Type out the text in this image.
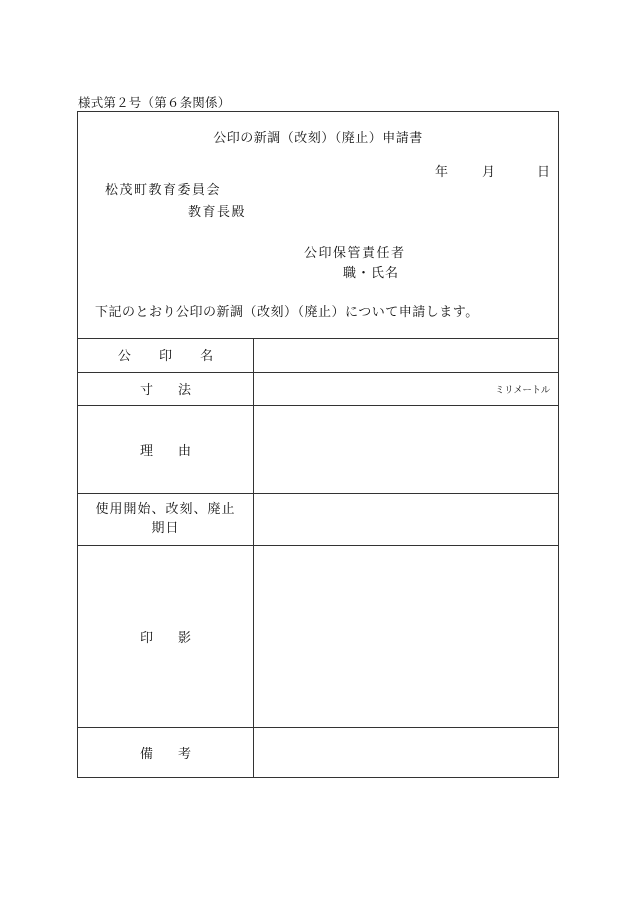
様式第２号（第６条関係）
公印の新調（改刻）（廃止）申請書
年	月	日
松茂町教育委員会
教育長殿
公印保管責任者
職・氏名
下記のとおり公印の新調（改刻）（廃止）について申請します。
公 印 名	
寸　法	ミリメートル

理　由	

使用開始、改刻、廃止
期日	

印　影	
備　考	
